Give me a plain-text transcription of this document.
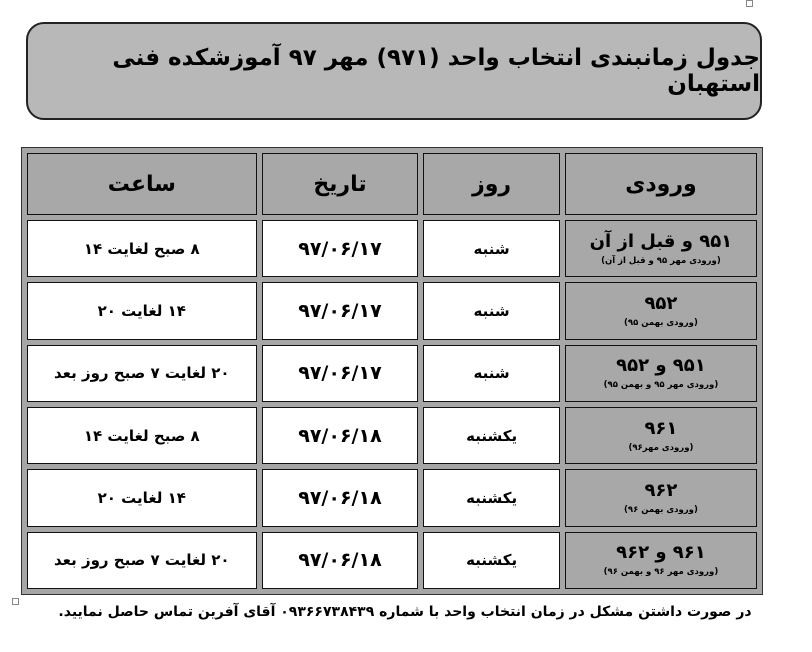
جدول زمانبندی انتخاب واحد (۹۷۱) مهر ۹۷ آموزشکده فنی استهبان
ورودی	روز	تاریخ	ساعت

۹۵۱ و قبل از آن
(ورودی مهر ۹۵ و قبل از آن)	شنبه	۹۷/۰۶/۱۷	۸ صبح لغایت ۱۴

۹۵۲
(ورودی بهمن ۹۵)	شنبه	۹۷/۰۶/۱۷	۱۴ لغایت ۲۰

۹۵۱ و ۹۵۲
(ورودی مهر ۹۵ و بهمن ۹۵)	شنبه	۹۷/۰۶/۱۷	۲۰ لغایت ۷ صبح روز بعد

۹۶۱
(ورودی مهر۹۶)	یکشنبه	۹۷/۰۶/۱۸	۸ صبح لغایت ۱۴

۹۶۲
(ورودی بهمن ۹۶)	یکشنبه	۹۷/۰۶/۱۸	۱۴ لغایت ۲۰

۹۶۱ و ۹۶۲
(ورودی مهر ۹۶ و بهمن ۹۶)	یکشنبه	۹۷/۰۶/۱۸	۲۰ لغایت ۷ صبح روز بعد
در صورت داشتن مشکل در زمان انتخاب واحد با شماره ۰۹۳۶۶۷۳۸۴۳۹ آقای آفرین تماس حاصل نمایید.
